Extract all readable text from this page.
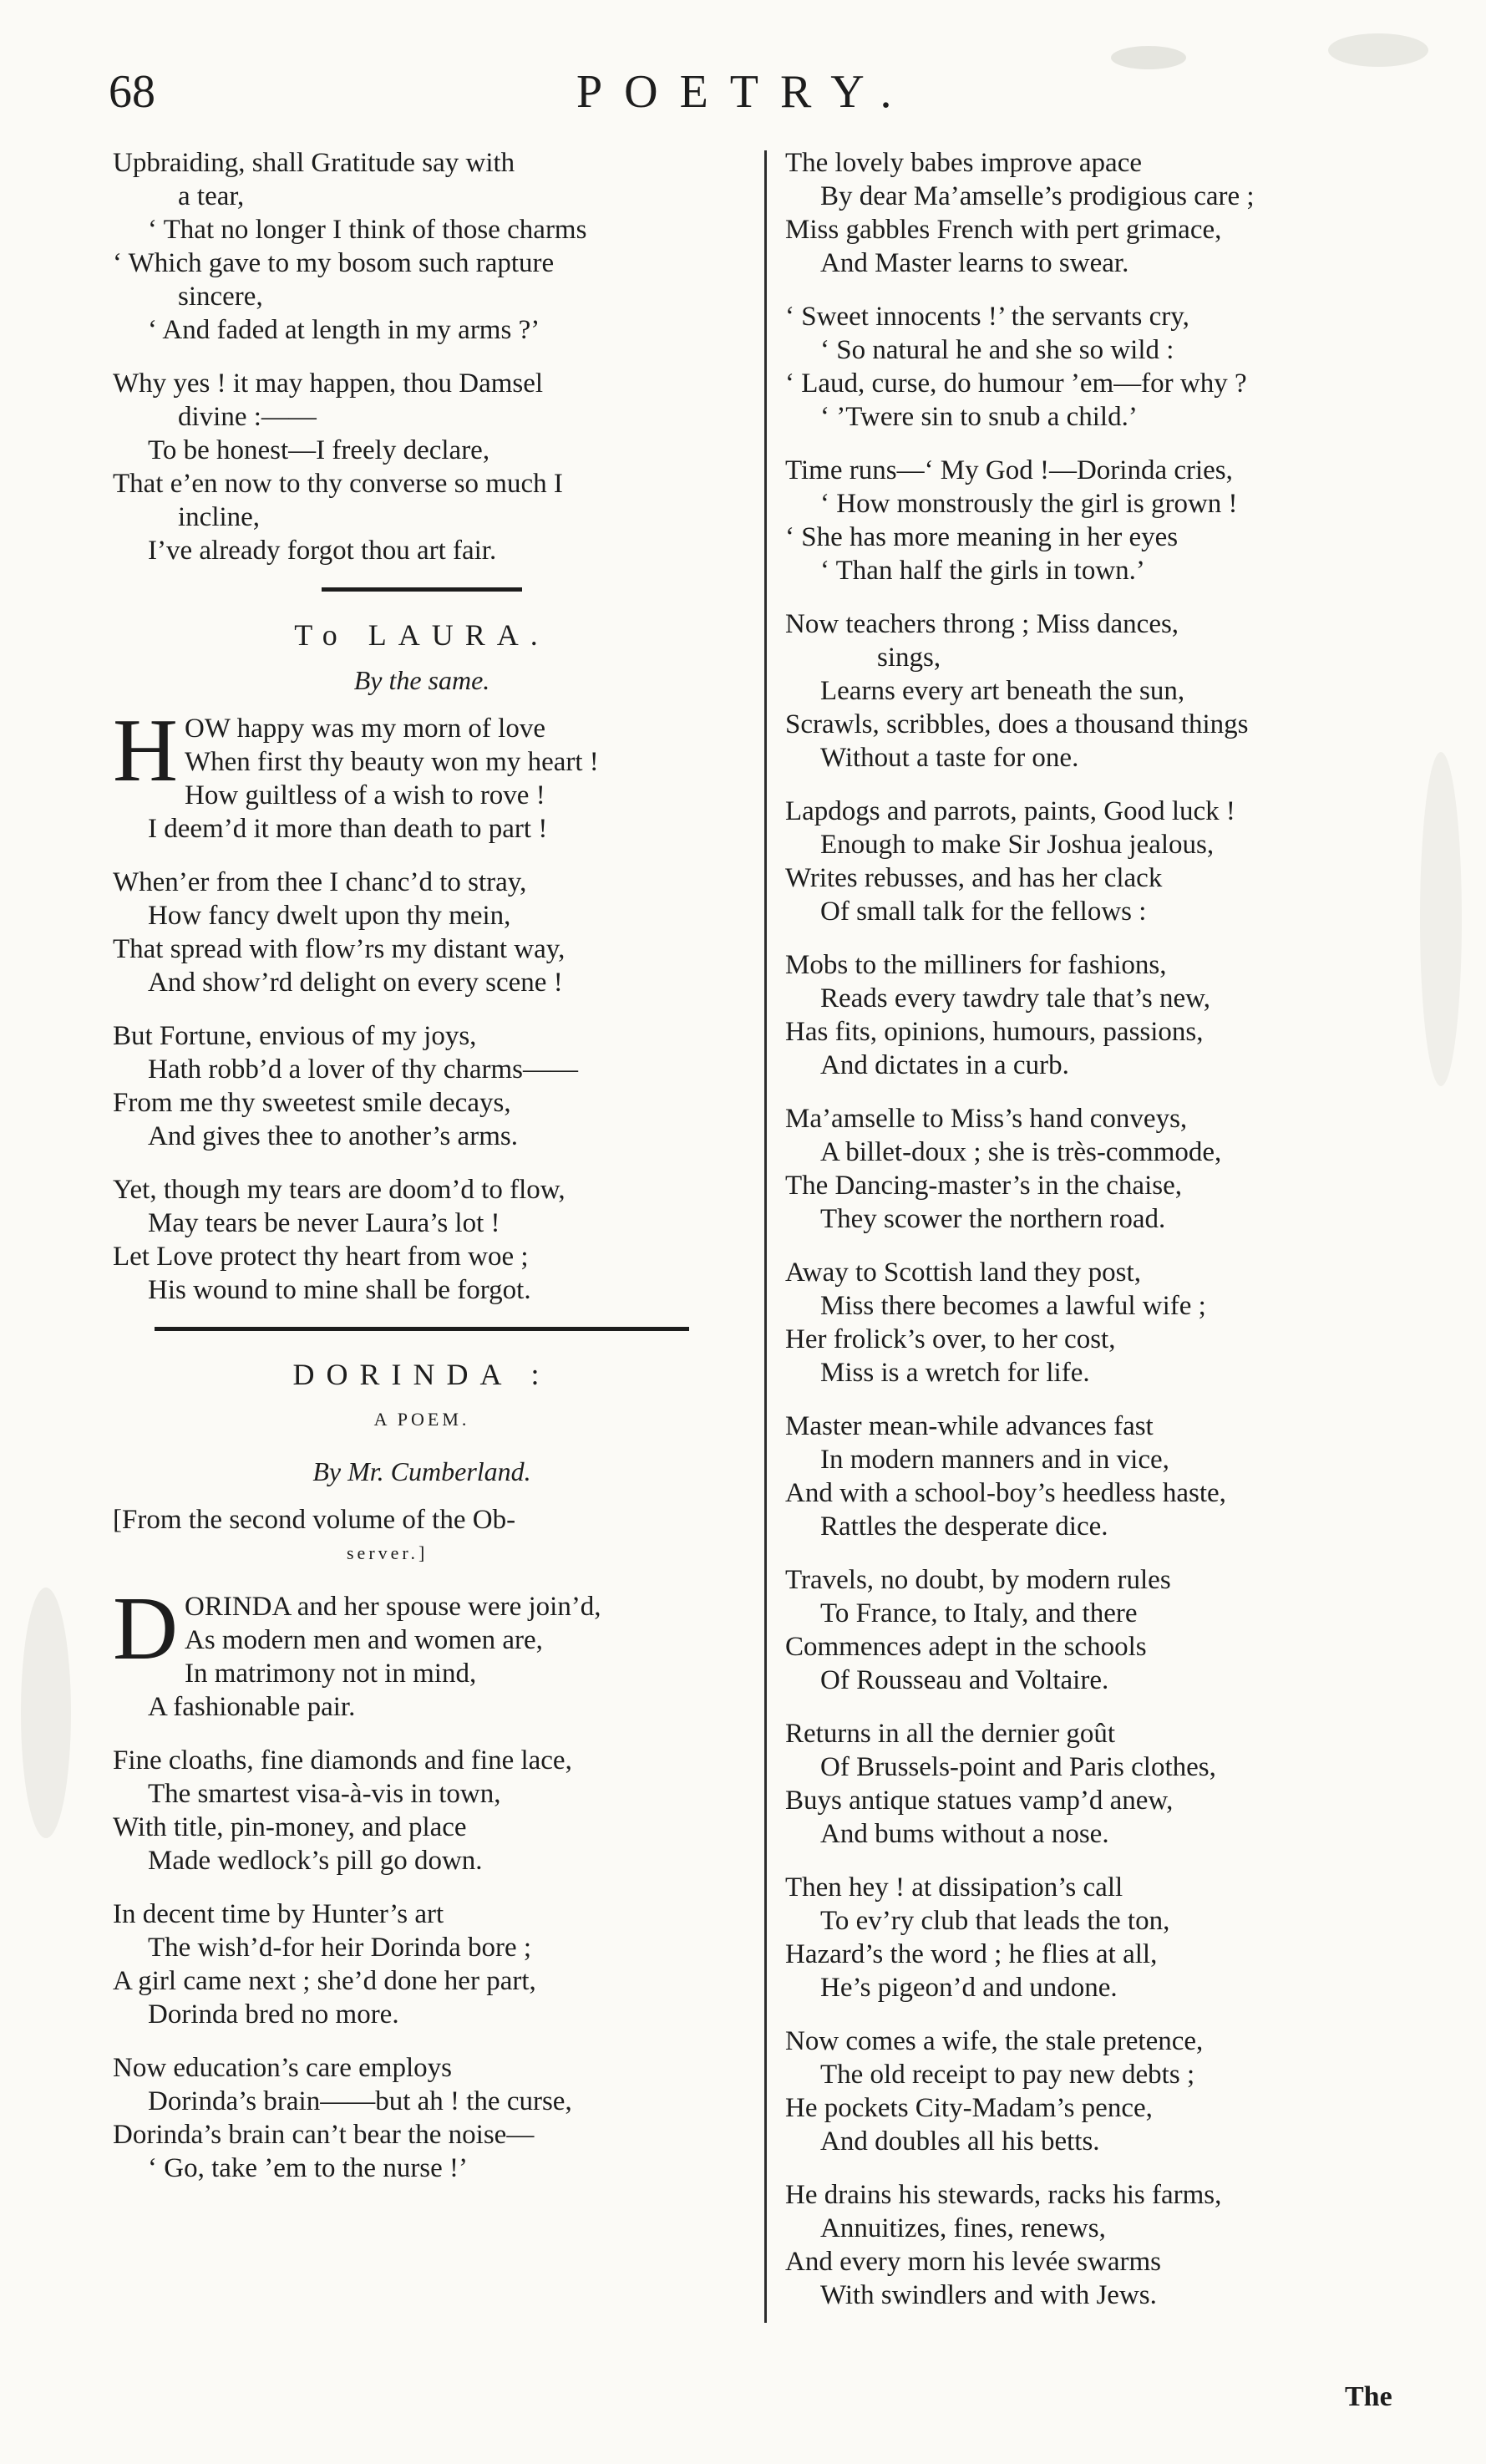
68	POETRY.
Upbraiding, shall Gratitude say with
a tear,
‘ That no longer I think of those charms
‘ Which gave to my bosom such rapture
sincere,
‘ And faded at length in my arms ?’
Why yes ! it may happen, thou Damsel
divine :——
To be honest—I freely declare,
That e’en now to thy converse so much I
incline,
I’ve already forgot thou art fair.
To LAURA.
By the same.
H OW happy was my morn of love
When first thy beauty won my heart !
How guiltless of a wish to rove !
I deem’d it more than death to part !
When’er from thee I chanc’d to stray,
How fancy dwelt upon thy mein,
That spread with flow’rs my distant way,
And show’rd delight on every scene !
But Fortune, envious of my joys,
Hath robb’d a lover of thy charms——
From me thy sweetest smile decays,
And gives thee to another’s arms.
Yet, though my tears are doom’d to flow,
May tears be never Laura’s lot !
Let Love protect thy heart from woe ;
His wound to mine shall be forgot.
DORINDA :
A POEM.
By Mr. Cumberland.
[From the second volume of the Ob-
server.]
D ORINDA and her spouse were join’d,
As modern men and women are,
In matrimony not in mind,
A fashionable pair.
Fine cloaths, fine diamonds and fine lace,
The smartest visa-à-vis in town,
With title, pin-money, and place
Made wedlock’s pill go down.
In decent time by Hunter’s art
The wish’d-for heir Dorinda bore ;
A girl came next ; she’d done her part,
Dorinda bred no more.
Now education’s care employs
Dorinda’s brain——but ah ! the curse,
Dorinda’s brain can’t bear the noise—
‘ Go, take ’em to the nurse !’
The lovely babes improve apace
By dear Ma’amselle’s prodigious care ;
Miss gabbles French with pert grimace,
And Master learns to swear.
‘ Sweet innocents !’ the servants cry,
‘ So natural he and she so wild :
‘ Laud, curse, do humour ’em—for why ?
‘ ’Twere sin to snub a child.’
Time runs—‘ My God !—Dorinda cries,
‘ How monstrously the girl is grown !
‘ She has more meaning in her eyes
‘ Than half the girls in town.’
Now teachers throng ; Miss dances,
sings,
Learns every art beneath the sun,
Scrawls, scribbles, does a thousand things
Without a taste for one.
Lapdogs and parrots, paints, Good luck !
Enough to make Sir Joshua jealous,
Writes rebusses, and has her clack
Of small talk for the fellows :
Mobs to the milliners for fashions,
Reads every tawdry tale that’s new,
Has fits, opinions, humours, passions,
And dictates in a curb.
Ma’amselle to Miss’s hand conveys,
A billet-doux ; she is très-commode,
The Dancing-master’s in the chaise,
They scower the northern road.
Away to Scottish land they post,
Miss there becomes a lawful wife ;
Her frolick’s over, to her cost,
Miss is a wretch for life.
Master mean-while advances fast
In modern manners and in vice,
And with a school-boy’s heedless haste,
Rattles the desperate dice.
Travels, no doubt, by modern rules
To France, to Italy, and there
Commences adept in the schools
Of Rousseau and Voltaire.
Returns in all the dernier goût
Of Brussels-point and Paris clothes,
Buys antique statues vamp’d anew,
And bums without a nose.
Then hey ! at dissipation’s call
To ev’ry club that leads the ton,
Hazard’s the word ; he flies at all,
He’s pigeon’d and undone.
Now comes a wife, the stale pretence,
The old receipt to pay new debts ;
He pockets City-Madam’s pence,
And doubles all his betts.
He drains his stewards, racks his farms,
Annuitizes, fines, renews,
And every morn his levée swarms
With swindlers and with Jews.
The
